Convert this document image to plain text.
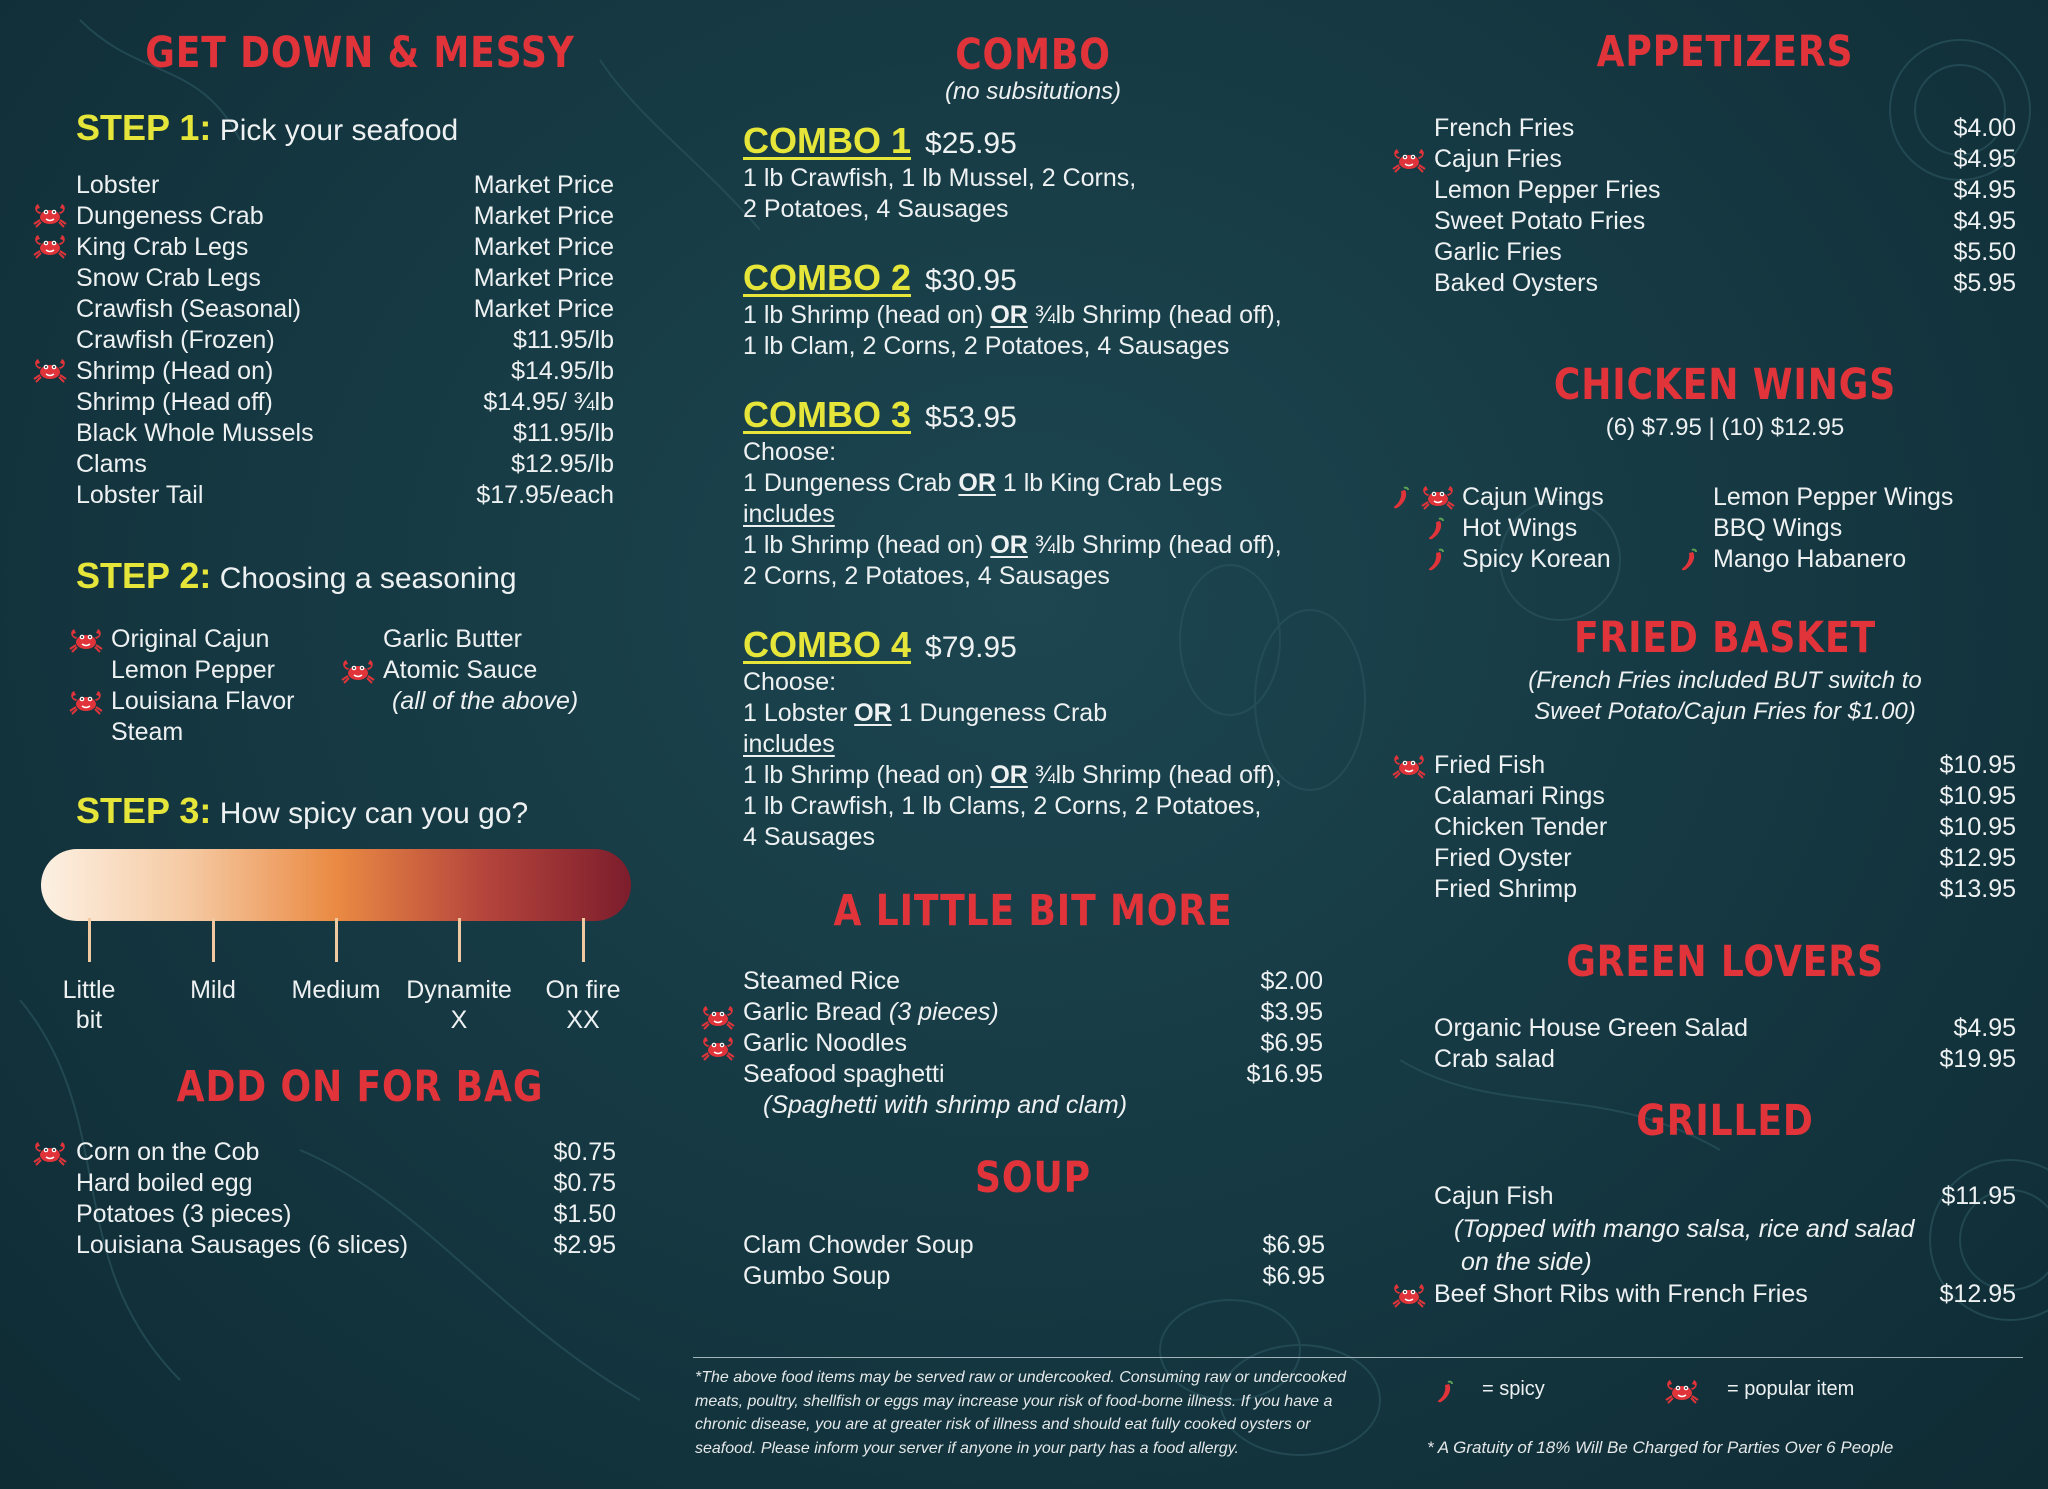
GET DOWN & MESSY
STEP 1: Pick your seafood
Lobster	Market Price
Dungeness Crab	Market Price
King Crab Legs	Market Price
Snow Crab Legs	Market Price
Crawfish (Seasonal)	Market Price
Crawfish (Frozen)	$11.95/lb
Shrimp (Head on)	$14.95/lb
Shrimp (Head off)	$14.95/ ¾lb
Black Whole Mussels	$11.95/lb
Clams	$12.95/lb
Lobster Tail	$17.95/each
STEP 2: Choosing a seasoning
Original Cajun
Lemon Pepper
Louisiana Flavor
Steam
Garlic Butter
Atomic Sauce
(all of the above)
STEP 3: How spicy can you go?
Little
bit
Mild	Medium	Dynamite
X
On fire
XX
ADD ON FOR BAG
Corn on the Cob	$0.75
Hard boiled egg	$0.75
Potatoes (3 pieces)	$1.50
Louisiana Sausages (6 slices)	$2.95
COMBO
(no subsitutions)
COMBO 1 $25.95
1 lb Crawfish, 1 lb Mussel, 2 Corns,
2 Potatoes, 4 Sausages
COMBO 2 $30.95
1 lb Shrimp (head on) OR ¾lb Shrimp (head off),
1 lb Clam, 2 Corns, 2 Potatoes, 4 Sausages
COMBO 3 $53.95
Choose:
1 Dungeness Crab OR 1 lb King Crab Legs
includes
1 lb Shrimp (head on) OR ¾lb Shrimp (head off),
2 Corns, 2 Potatoes, 4 Sausages
COMBO 4 $79.95
Choose:
1 Lobster OR 1 Dungeness Crab
includes
1 lb Shrimp (head on) OR ¾lb Shrimp (head off),
1 lb Crawfish, 1 lb Clams, 2 Corns, 2 Potatoes,
4 Sausages
A LITTLE BIT MORE
Steamed Rice	$2.00
Garlic Bread (3 pieces)	$3.95
Garlic Noodles	$6.95
Seafood spaghetti	$16.95
(Spaghetti with shrimp and clam)
SOUP
Clam Chowder Soup	$6.95
Gumbo Soup	$6.95
*The above food items may be served raw or undercooked. Consuming raw or undercooked meats, poultry, shellfish or eggs may increase your risk of food-borne illness. If you have a chronic disease, you are at greater risk of illness and should eat fully cooked oysters or seafood. Please inform your server if anyone in your party has a food allergy.
APPETIZERS
French Fries	$4.00
Cajun Fries	$4.95
Lemon Pepper Fries	$4.95
Sweet Potato Fries	$4.95
Garlic Fries	$5.50
Baked Oysters	$5.95
CHICKEN WINGS
(6) $7.95 | (10) $12.95
Cajun Wings
Hot Wings
Spicy Korean
Lemon Pepper Wings
BBQ Wings
Mango Habanero
FRIED BASKET
(French Fries included BUT switch to
Sweet Potato/Cajun Fries for $1.00)
Fried Fish	$10.95
Calamari Rings	$10.95
Chicken Tender	$10.95
Fried Oyster	$12.95
Fried Shrimp	$13.95
GREEN LOVERS
Organic House Green Salad	$4.95
Crab salad	$19.95
GRILLED
Cajun Fish	$11.95
(Topped with mango salsa, rice and salad
on the side)
Beef Short Ribs with French Fries	$12.95
= spicy	= popular item
* A Gratuity of 18% Will Be Charged for Parties Over 6 People
